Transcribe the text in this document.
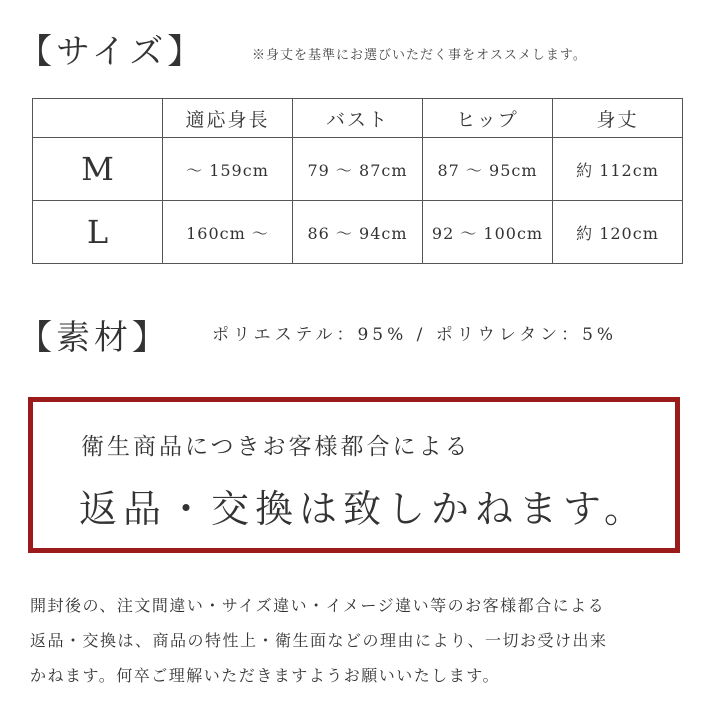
【サイズ】	※身丈を基準にお選びいただく事をオススメします。
	適応身長	バスト	ヒップ	身丈
M	〜 159cm	79 〜 87cm	87 〜 95cm	約 112cm
L	160cm 〜	86 〜 94cm	92 〜 100cm	約 120cm
【素材】 ポリエステル：95% / ポリウレタン：5%
衛生商品につきお客様都合による
返品・交換は致しかねます。
開封後の、注文間違い・サイズ違い・イメージ違い等のお客様都合による
返品・交換は、商品の特性上・衛生面などの理由により、一切お受け出来
かねます。何卒ご理解いただきますようお願いいたします。
